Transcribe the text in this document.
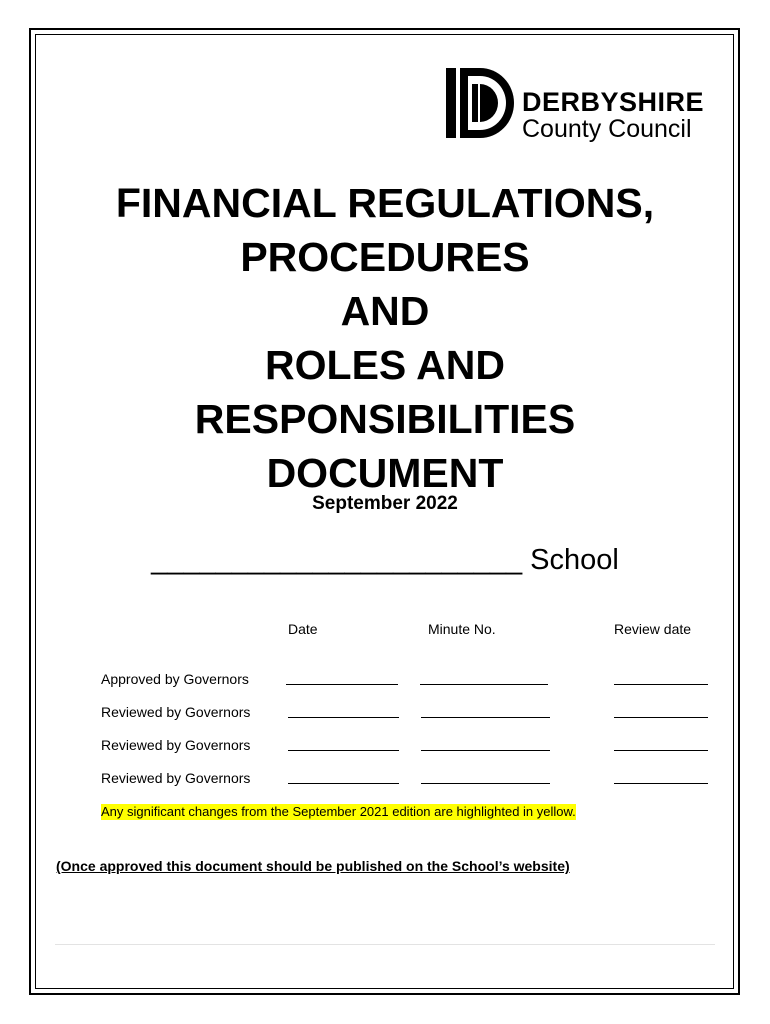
DERBYSHIRE
County Council
FINANCIAL REGULATIONS,
PROCEDURES
AND
ROLES AND
RESPONSIBILITIES
DOCUMENT
September 2022
_______________________ School
Date	Minute No.	Review date
Approved by Governors
Reviewed by Governors
Reviewed by Governors
Reviewed by Governors
Any significant changes from the September 2021 edition are highlighted in yellow.
(Once approved this document should be published on the School’s website)
